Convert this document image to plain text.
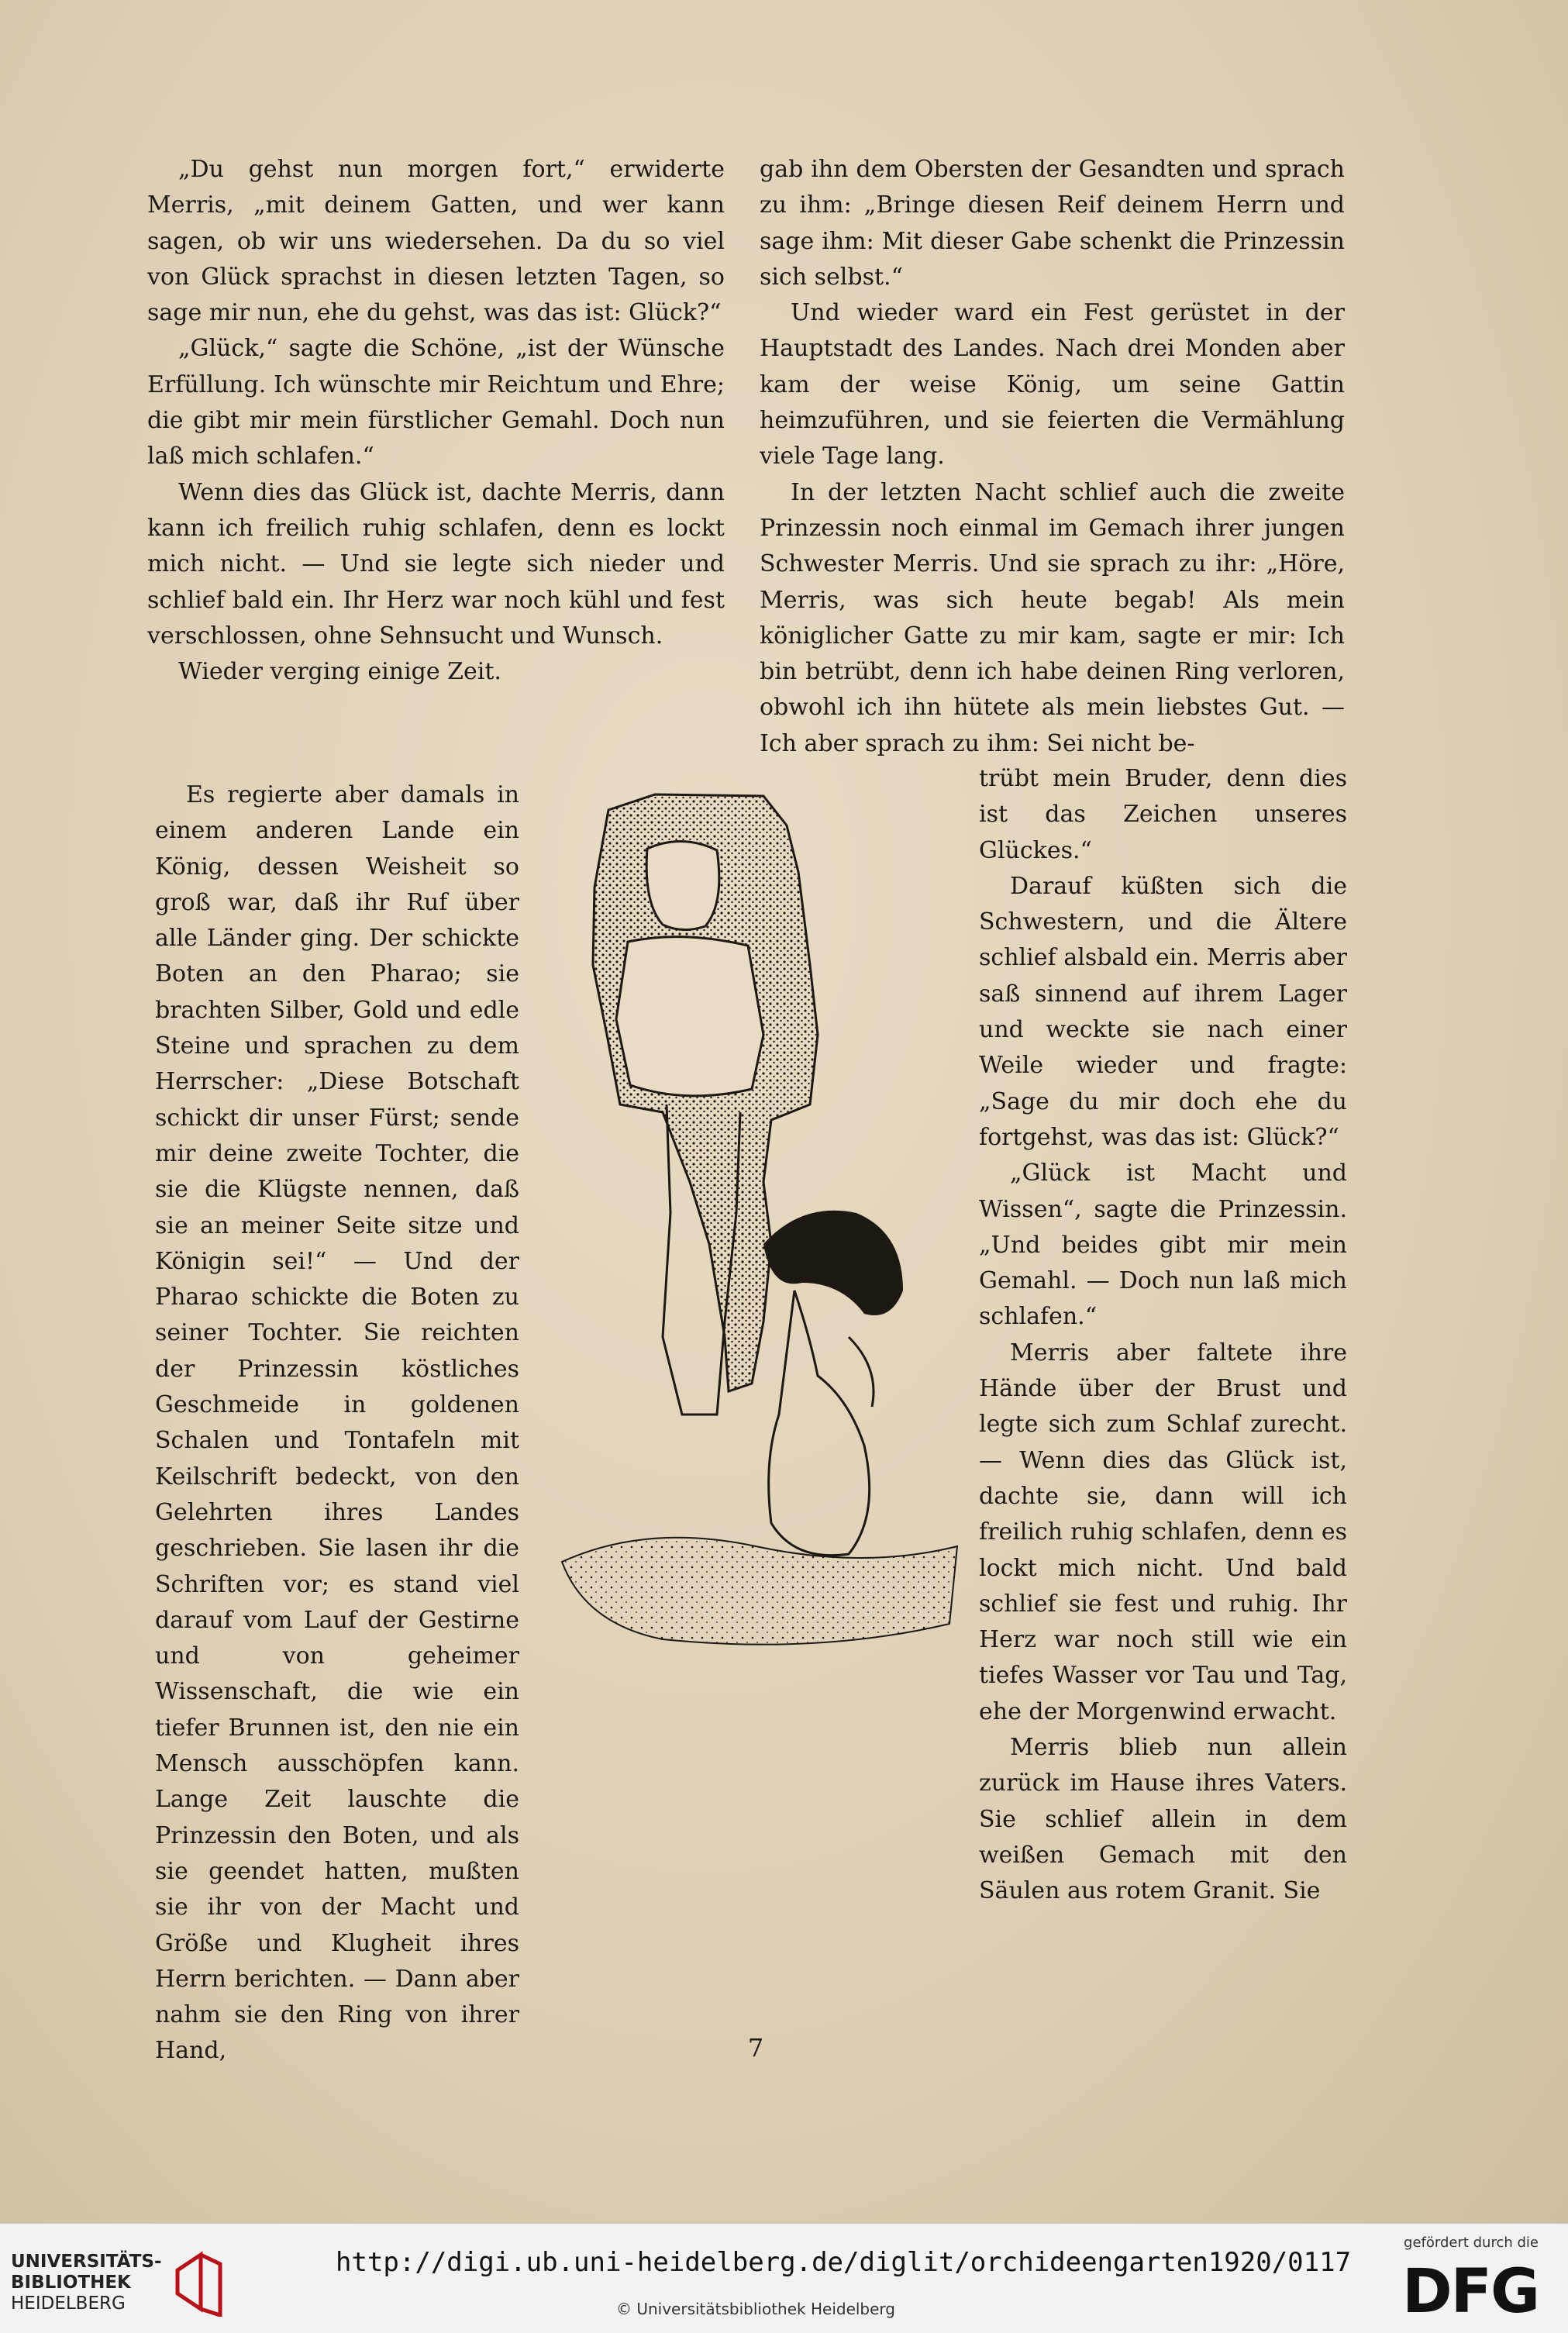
„Du gehst nun morgen fort,“ erwiderte Merris, „mit deinem Gatten, und wer kann sagen, ob wir uns wiedersehen. Da du so viel von Glück sprachst in diesen letzten Tagen, so sage mir nun, ehe du gehst, was das ist: Glück?“

„Glück,“ sagte die Schöne, „ist der Wünsche Erfüllung. Ich wünschte mir Reichtum und Ehre; die gibt mir mein fürstlicher Gemahl. Doch nun laß mich schlafen.“

Wenn dies das Glück ist, dachte Merris, dann kann ich freilich ruhig schlafen, denn es lockt mich nicht. — Und sie legte sich nieder und schlief bald ein. Ihr Herz war noch kühl und fest verschlossen, ohne Sehnsucht und Wunsch.

Wieder verging einige Zeit.

Es regierte aber damals in einem anderen Lande ein König, dessen Weisheit so groß war, daß ihr Ruf über alle Länder ging. Der schickte Boten an den Pharao; sie brachten Silber, Gold und edle Steine und sprachen zu dem Herrscher: „Diese Botschaft schickt dir unser Fürst; sende mir deine zweite Tochter, die sie die Klügste nennen, daß sie an meiner Seite sitze und Königin sei!“ — Und der Pharao schickte die Boten zu seiner Tochter. Sie reichten der Prinzessin köstliches Geschmeide in goldenen Schalen und Tontafeln mit Keilschrift bedeckt, von den Gelehrten ihres Landes geschrieben. Sie lasen ihr die Schriften vor; es stand viel darauf vom Lauf der Gestirne und von geheimer Wissenschaft, die wie ein tiefer Brunnen ist, den nie ein Mensch ausschöpfen kann. Lange Zeit lauschte die Prinzessin den Boten, und als sie geendet hatten, mußten sie ihr von der Macht und Größe und Klugheit ihres Herrn berichten. — Dann aber nahm sie den Ring von ihrer Hand,

gab ihn dem Obersten der Gesandten und sprach zu ihm: „Bringe diesen Reif deinem Herrn und sage ihm: Mit dieser Gabe schenkt die Prinzessin sich selbst.“

Und wieder ward ein Fest gerüstet in der Hauptstadt des Landes. Nach drei Monden aber kam der weise König, um seine Gattin heimzuführen, und sie feierten die Vermählung viele Tage lang.

In der letzten Nacht schlief auch die zweite Prinzessin noch einmal im Gemach ihrer jungen Schwester Merris. Und sie sprach zu ihr: „Höre, Merris, was sich heute begab! Als mein königlicher Gatte zu mir kam, sagte er mir: Ich bin betrübt, denn ich habe deinen Ring verloren, obwohl ich ihn hütete als mein liebstes Gut. — Ich aber sprach zu ihm: Sei nicht be-

trübt mein Bruder, denn dies ist das Zeichen unseres Glückes.“

Darauf küßten sich die Schwestern, und die Ältere schlief alsbald ein. Merris aber saß sinnend auf ihrem Lager und weckte sie nach einer Weile wieder und fragte: „Sage du mir doch ehe du fortgehst, was das ist: Glück?“

„Glück ist Macht und Wissen“, sagte die Prinzessin. „Und beides gibt mir mein Gemahl. — Doch nun laß mich schlafen.“

Merris aber faltete ihre Hände über der Brust und legte sich zum Schlaf zurecht. — Wenn dies das Glück ist, dachte sie, dann will ich freilich ruhig schlafen, denn es lockt mich nicht. Und bald schlief sie fest und ruhig. Ihr Herz war noch still wie ein tiefes Wasser vor Tau und Tag, ehe der Morgenwind erwacht.

Merris blieb nun allein zurück im Hause ihres Vaters. Sie schlief allein in dem weißen Gemach mit den Säulen aus rotem Granit. Sie

7
UNIVERSITÄTS-
BIBLIOTHEK
HEIDELBERG
http://digi.ub.uni-heidelberg.de/diglit/orchideengarten1920/0117
© Universitätsbibliothek Heidelberg
gefördert durch die
DFG
